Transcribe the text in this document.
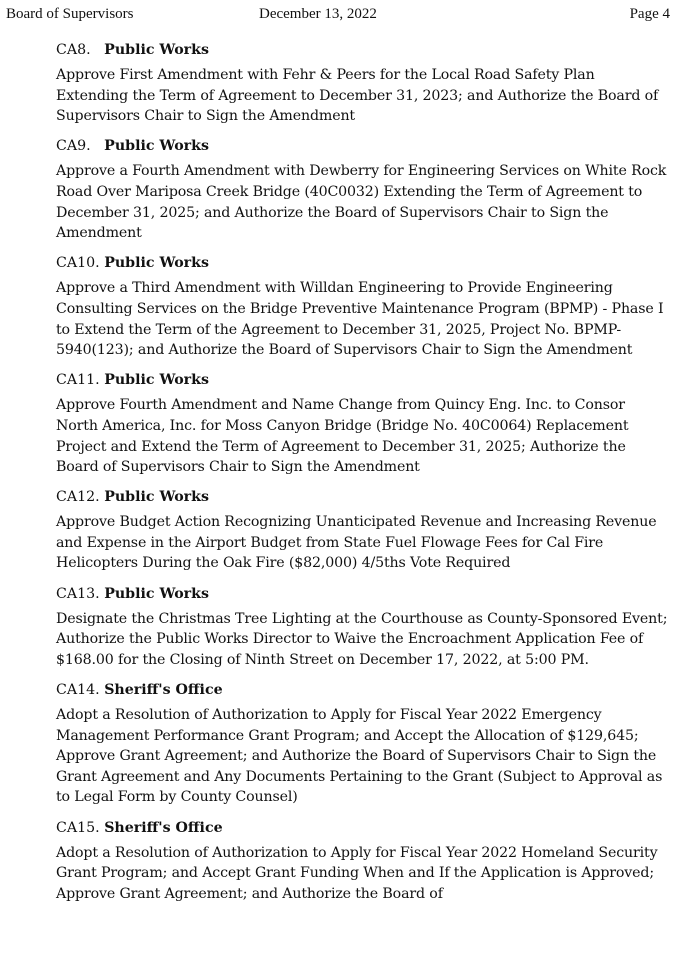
Board of Supervisors	December 13, 2022	Page 4
CA8. Public Works
Approve First Amendment with Fehr & Peers for the Local Road Safety Plan Extending the Term of Agreement to December 31, 2023; and Authorize the Board of Supervisors Chair to Sign the Amendment
CA9. Public Works
Approve a Fourth Amendment with Dewberry for Engineering Services on White Rock Road Over Mariposa Creek Bridge (40C0032) Extending the Term of Agreement to December 31, 2025; and Authorize the Board of Supervisors Chair to Sign the Amendment
CA10. Public Works
Approve a Third Amendment with Willdan Engineering to Provide Engineering Consulting Services on the Bridge Preventive Maintenance Program (BPMP) - Phase I to Extend the Term of the Agreement to December 31, 2025, Project No. BPMP-5940(123); and Authorize the Board of Supervisors Chair to Sign the Amendment
CA11. Public Works
Approve Fourth Amendment and Name Change from Quincy Eng. Inc. to Consor North America, Inc. for Moss Canyon Bridge (Bridge No. 40C0064) Replacement Project and Extend the Term of Agreement to December 31, 2025; Authorize the Board of Supervisors Chair to Sign the Amendment
CA12. Public Works
Approve Budget Action Recognizing Unanticipated Revenue and Increasing Revenue and Expense in the Airport Budget from State Fuel Flowage Fees for Cal Fire Helicopters During the Oak Fire ($82,000) 4/5ths Vote Required
CA13. Public Works
Designate the Christmas Tree Lighting at the Courthouse as County-Sponsored Event; Authorize the Public Works Director to Waive the Encroachment Application Fee of $168.00 for the Closing of Ninth Street on December 17, 2022, at 5:00 PM.
CA14. Sheriff's Office
Adopt a Resolution of Authorization to Apply for Fiscal Year 2022 Emergency Management Performance Grant Program; and Accept the Allocation of $129,645; Approve Grant Agreement; and Authorize the Board of Supervisors Chair to Sign the Grant Agreement and Any Documents Pertaining to the Grant (Subject to Approval as to Legal Form by County Counsel)
CA15. Sheriff's Office
Adopt a Resolution of Authorization to Apply for Fiscal Year 2022 Homeland Security Grant Program; and Accept Grant Funding When and If the Application is Approved; Approve Grant Agreement; and Authorize the Board of
